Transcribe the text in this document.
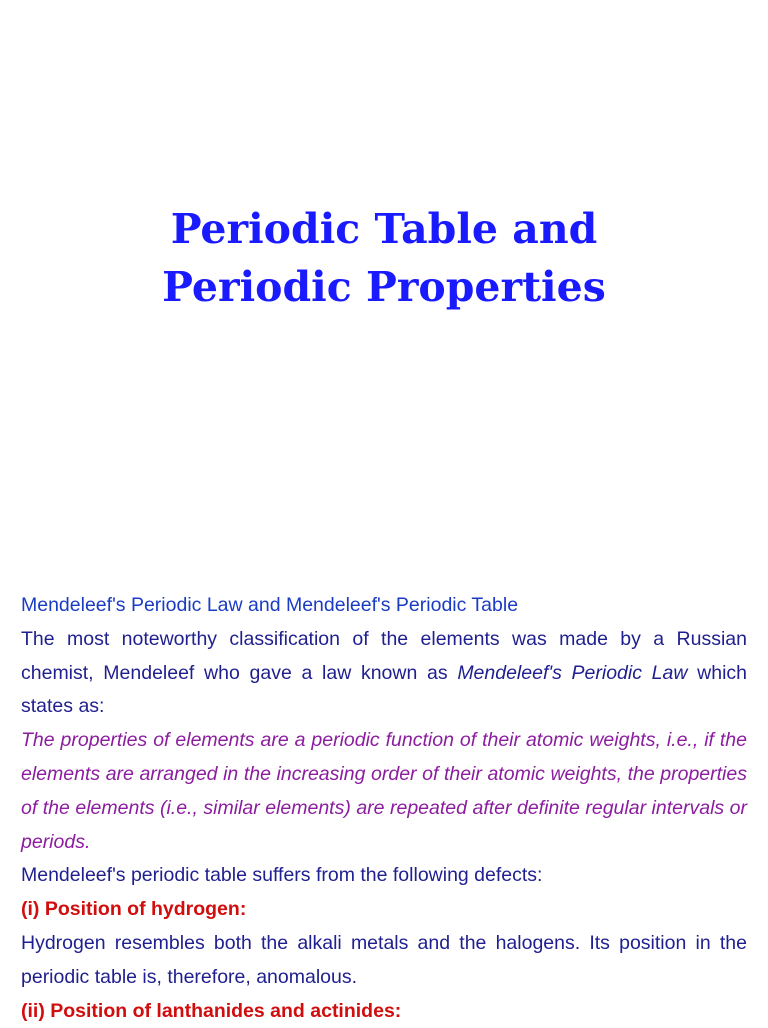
Periodic Table and
Periodic Properties

Mendeleef's Periodic Law and Mendeleef's Periodic Table

The most noteworthy classification of the elements was made by a Russian chemist, Mendeleef who gave a law known as Mendeleef's Periodic Law which states as:

The properties of elements are a periodic function of their atomic weights, i.e., if the elements are arranged in the increasing order of their atomic weights, the properties of the elements (i.e., similar elements) are repeated after definite regular intervals or periods.

Mendeleef's periodic table suffers from the following defects:

(i) Position of hydrogen:

Hydrogen resembles both the alkali metals and the halogens. Its position in the periodic table is, therefore, anomalous.

(ii) Position of lanthanides and actinides:
